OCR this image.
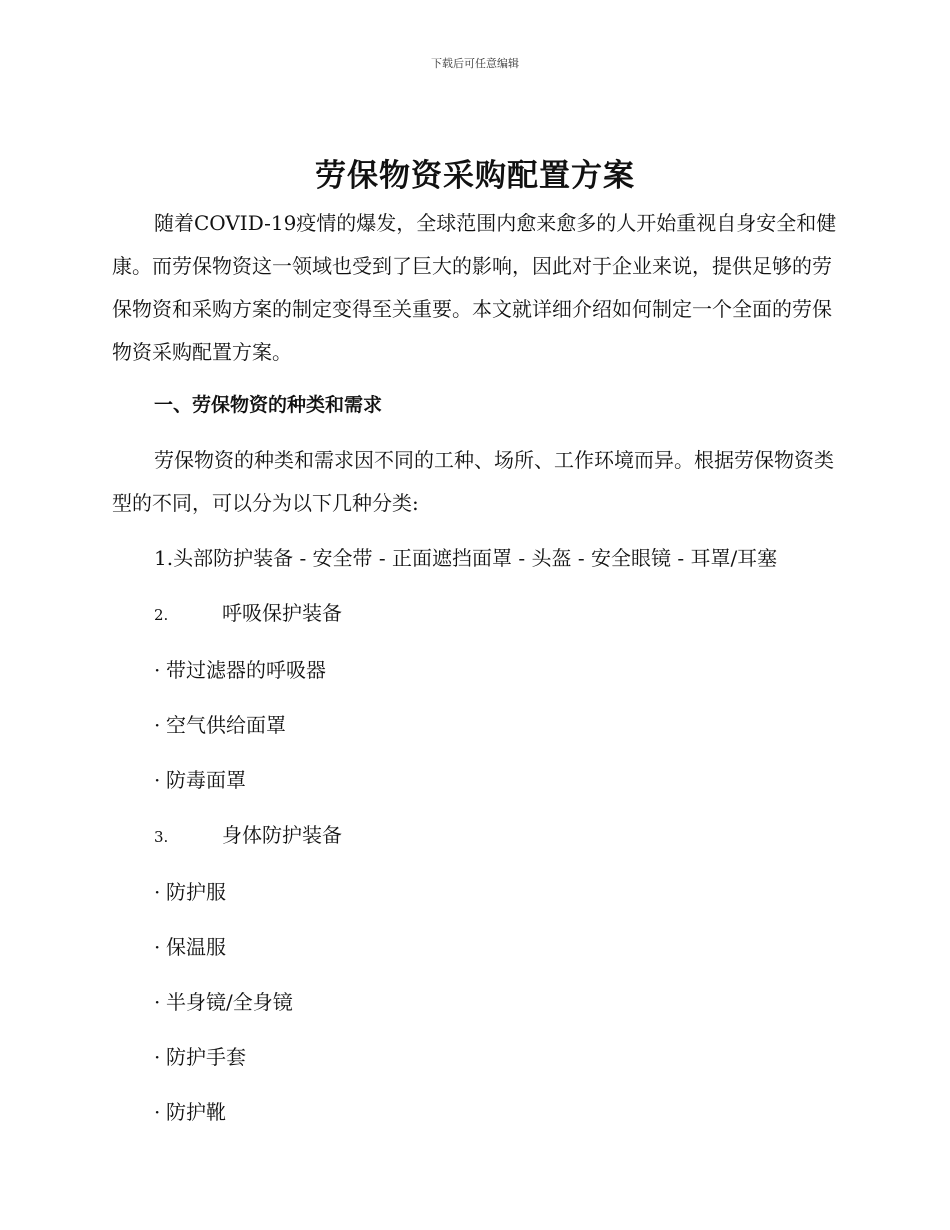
下载后可任意编辑
劳保物资采购配置方案

随着COVID-19疫情的爆发，全球范围内愈来愈多的人开始重视自身安全和健康。而劳保物资这一领域也受到了巨大的影响，因此对于企业来说，提供足够的劳保物资和采购方案的制定变得至关重要。本文就详细介绍如何制定一个全面的劳保物资采购配置方案。

一、劳保物资的种类和需求

劳保物资的种类和需求因不同的工种、场所、工作环境而异。根据劳保物资类型的不同，可以分为以下几种分类:

1.头部防护装备 - 安全带 - 正面遮挡面罩 - 头盔 - 安全眼镜 - 耳罩/耳塞

2.	呼吸保护装备

· 带过滤器的呼吸器

· 空气供给面罩

· 防毒面罩

3.	身体防护装备

· 防护服

· 保温服

· 半身镜/全身镜

· 防护手套

· 防护靴
